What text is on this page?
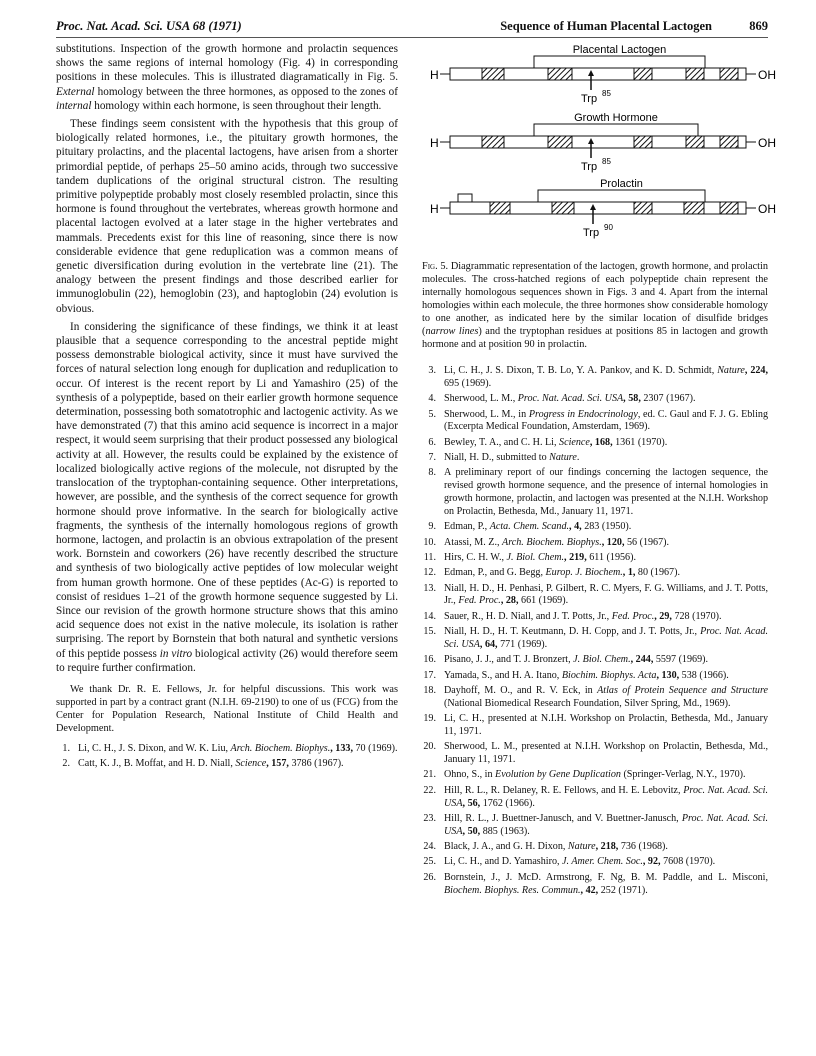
Proc. Nat. Acad. Sci. USA 68 (1971)	Sequence of Human Placental Lactogen	869

substitutions. Inspection of the growth hormone and prolactin sequences shows the same regions of internal homology (Fig. 4) in corresponding positions in these molecules. This is illustrated diagramatically in Fig. 5. External homology between the three hormones, as opposed to the zones of internal homology within each hormone, is seen throughout their length.

These findings seem consistent with the hypothesis that this group of biologically related hormones, i.e., the pituitary growth hormones, the pituitary prolactins, and the placental lactogens, have arisen from a shorter primordial peptide, of perhaps 25–50 amino acids, through two successive tandem duplications of the original structural cistron. The resulting primitive polypeptide probably most closely resembled prolactin, since this hormone is found throughout the vertebrates, whereas growth hormone and placental lactogen evolved at a later stage in the higher vertebrates and mammals. Precedents exist for this line of reasoning, since there is now considerable evidence that gene reduplication was a common means of genetic diversification during evolution in the vertebrate line (21). The analogy between the present findings and those described earlier for immunoglobulin (22), hemoglobin (23), and haptoglobin (24) evolution is obvious.

In considering the significance of these findings, we think it at least plausible that a sequence corresponding to the ancestral peptide might possess demonstrable biological activity, since it must have survived the forces of natural selection long enough for duplication and reduplication to occur. Of interest is the recent report by Li and Yamashiro (25) of the synthesis of a polypeptide, based on their earlier growth hormone sequence determination, possessing both somatotrophic and lactogenic activity. As we have demonstrated (7) that this amino acid sequence is incorrect in a major respect, it would seem surprising that their product possessed any biological activity at all. However, the results could be explained by the existence of localized biologically active regions of the molecule, not disrupted by the translocation of the tryptophan-containing sequence. Other interpretations, however, are possible, and the synthesis of the correct sequence for growth hormone should prove informative. In the search for biologically active fragments, the synthesis of the internally homologous regions of growth hormone, lactogen, and prolactin is an obvious extrapolation of the present work. Bornstein and coworkers (26) have recently described the structure and synthesis of two biologically active peptides of low molecular weight from human growth hormone. One of these peptides (Ac-G) is reported to consist of residues 1–21 of the growth hormone sequence suggested by Li. Since our revision of the growth hormone structure shows that this amino acid sequence does not exist in the native molecule, its isolation is rather surprising. The report by Bornstein that both natural and synthetic versions of this peptide possess in vitro biological activity (26) would therefore seem to require further confirmation.

We thank Dr. R. E. Fellows, Jr. for helpful discussions. This work was supported in part by a contract grant (N.I.H. 69-2190) to one of us (FCG) from the Center for Population Research, National Institute of Child Health and Development.

1. Li, C. H., J. S. Dixon, and W. K. Liu, Arch. Biochem. Biophys., 133, 70 (1969).
2. Catt, K. J., B. Moffat, and H. D. Niall, Science, 157, 3786 (1967).
H	OH
Placental Lactogen
Trp 85
H	OH
Growth Hormone
Trp 85
H	OH
Prolactin
Trp 90
Fig. 5. Diagrammatic representation of the lactogen, growth hormone, and prolactin molecules. The cross-hatched regions of each polypeptide chain represent the internally homologous sequences shown in Figs. 3 and 4. Apart from the internal homologies within each molecule, the three hormones show considerable homology to one another, as indicated here by the similar location of disulfide bridges (narrow lines) and the tryptophan residues at positions 85 in lactogen and growth hormone and at position 90 in prolactin.
3. Li, C. H., J. S. Dixon, T. B. Lo, Y. A. Pankov, and K. D. Schmidt, Nature, 224, 695 (1969).
4. Sherwood, L. M., Proc. Nat. Acad. Sci. USA, 58, 2307 (1967).
5. Sherwood, L. M., in Progress in Endocrinology, ed. C. Gaul and F. J. G. Ebling (Excerpta Medical Foundation, Amsterdam, 1969).
6. Bewley, T. A., and C. H. Li, Science, 168, 1361 (1970).
7. Niall, H. D., submitted to Nature.
8. A preliminary report of our findings concerning the lactogen sequence, the revised growth hormone sequence, and the presence of internal homologies in growth hormone, prolactin, and lactogen was presented at the N.I.H. Workshop on Prolactin, Bethesda, Md., January 11, 1971.
9. Edman, P., Acta. Chem. Scand., 4, 283 (1950).
10. Atassi, M. Z., Arch. Biochem. Biophys., 120, 56 (1967).
11. Hirs, C. H. W., J. Biol. Chem., 219, 611 (1956).
12. Edman, P., and G. Begg, Europ. J. Biochem., 1, 80 (1967).
13. Niall, H. D., H. Penhasi, P. Gilbert, R. C. Myers, F. G. Williams, and J. T. Potts, Jr., Fed. Proc., 28, 661 (1969).
14. Sauer, R., H. D. Niall, and J. T. Potts, Jr., Fed. Proc., 29, 728 (1970).
15. Niall, H. D., H. T. Keutmann, D. H. Copp, and J. T. Potts, Jr., Proc. Nat. Acad. Sci. USA, 64, 771 (1969).
16. Pisano, J. J., and T. J. Bronzert, J. Biol. Chem., 244, 5597 (1969).
17. Yamada, S., and H. A. Itano, Biochim. Biophys. Acta, 130, 538 (1966).
18. Dayhoff, M. O., and R. V. Eck, in Atlas of Protein Sequence and Structure (National Biomedical Research Foundation, Silver Spring, Md., 1969).
19. Li, C. H., presented at N.I.H. Workshop on Prolactin, Bethesda, Md., January 11, 1971.
20. Sherwood, L. M., presented at N.I.H. Workshop on Prolactin, Bethesda, Md., January 11, 1971.
21. Ohno, S., in Evolution by Gene Duplication (Springer-Verlag, N.Y., 1970).
22. Hill, R. L., R. Delaney, R. E. Fellows, and H. E. Lebovitz, Proc. Nat. Acad. Sci. USA, 56, 1762 (1966).
23. Hill, R. L., J. Buettner-Janusch, and V. Buettner-Janusch, Proc. Nat. Acad. Sci. USA, 50, 885 (1963).
24. Black, J. A., and G. H. Dixon, Nature, 218, 736 (1968).
25. Li, C. H., and D. Yamashiro, J. Amer. Chem. Soc., 92, 7608 (1970).
26. Bornstein, J., J. McD. Armstrong, F. Ng, B. M. Paddle, and L. Misconi, Biochem. Biophys. Res. Commun., 42, 252 (1971).
